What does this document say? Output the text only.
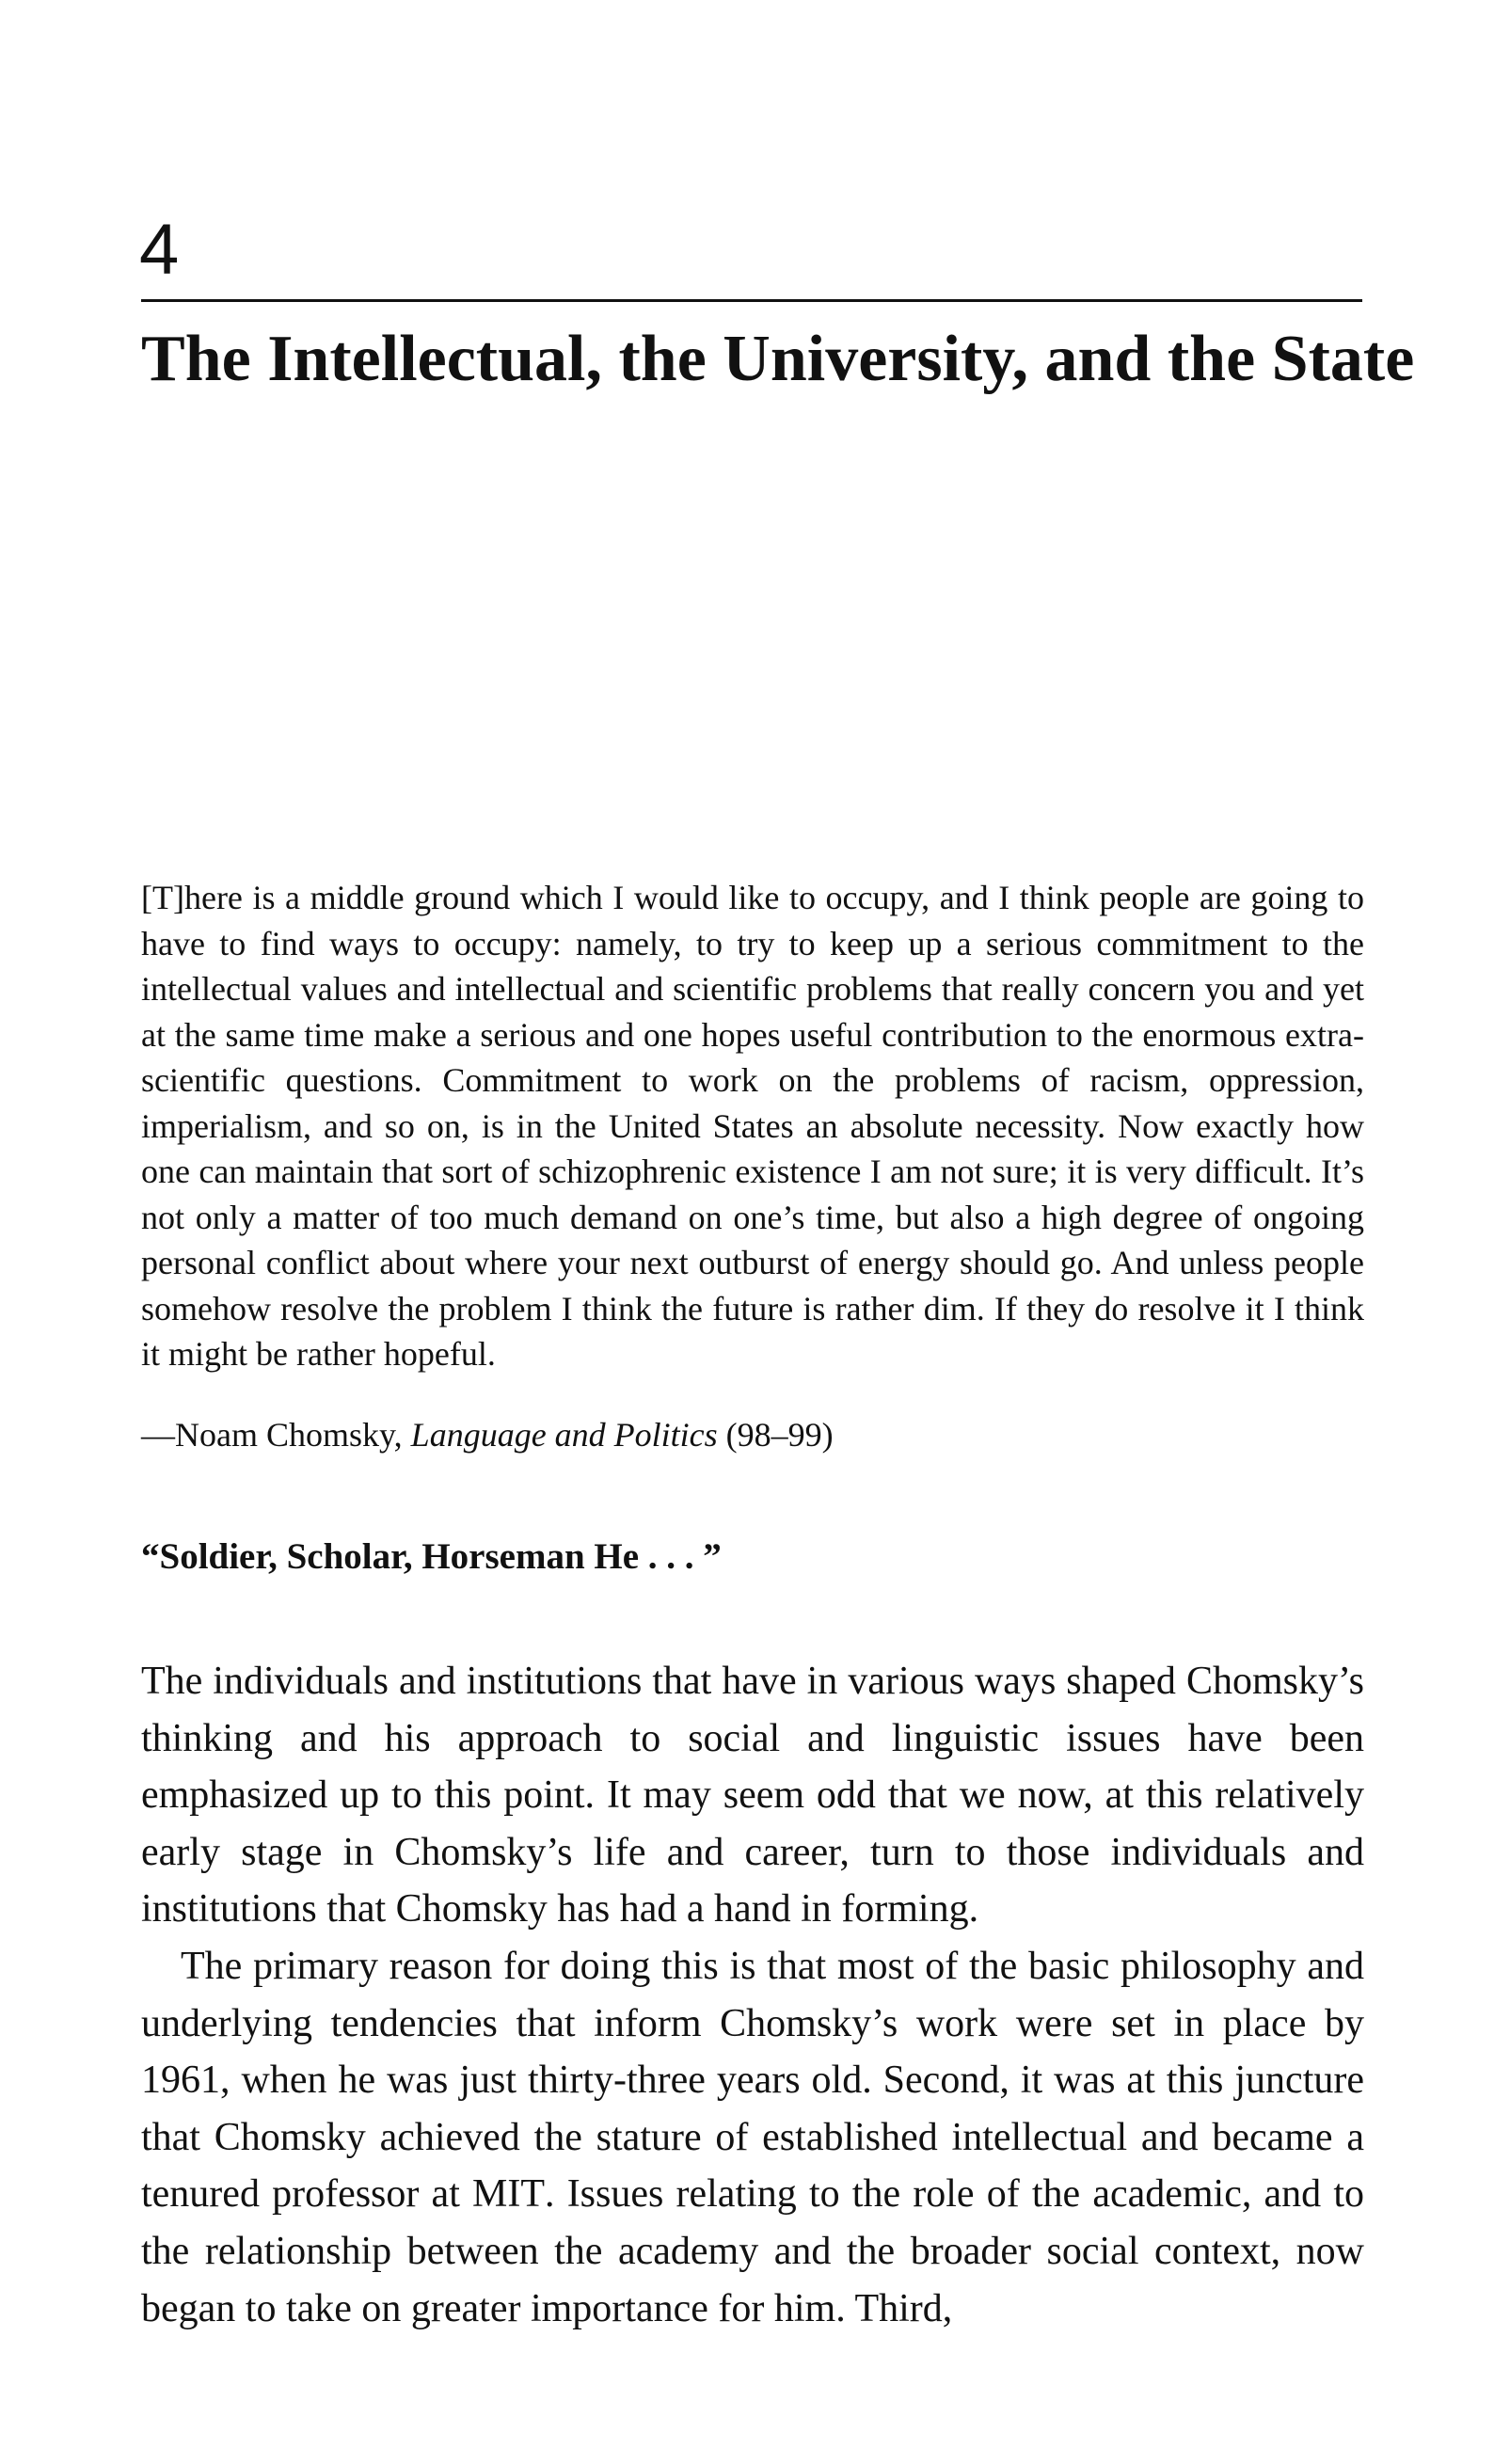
4
The Intellectual, the University, and the State

[T]here is a middle ground which I would like to occupy, and I think people are going to have to find ways to occupy: namely, to try to keep up a serious commitment to the intellectual values and intellectual and scientific problems that really concern you and yet at the same time make a serious and one hopes useful contribution to the enormous extra-scientific questions. Commitment to work on the problems of racism, oppression, imperialism, and so on, is in the United States an absolute necessity. Now exactly how one can maintain that sort of schizophrenic existence I am not sure; it is very difficult. It’s not only a matter of too much demand on one’s time, but also a high degree of ongoing personal conflict about where your next outburst of energy should go. And unless people somehow resolve the problem I think the future is rather dim. If they do resolve it I think it might be rather hopeful.

—Noam Chomsky, Language and Politics (98–99)

“Soldier, Scholar, Horseman He . . . ”

The individuals and institutions that have in various ways shaped Chomsky’s thinking and his approach to social and linguistic issues have been emphasized up to this point. It may seem odd that we now, at this relatively early stage in Chomsky’s life and career, turn to those individuals and institutions that Chomsky has had a hand in forming.

The primary reason for doing this is that most of the basic philosophy and underlying tendencies that inform Chomsky’s work were set in place by 1961, when he was just thirty-three years old. Second, it was at this juncture that Chomsky achieved the stature of established intellectual and became a tenured professor at MIT. Issues relating to the role of the academic, and to the relationship between the academy and the broader social context, now began to take on greater importance for him. Third,
